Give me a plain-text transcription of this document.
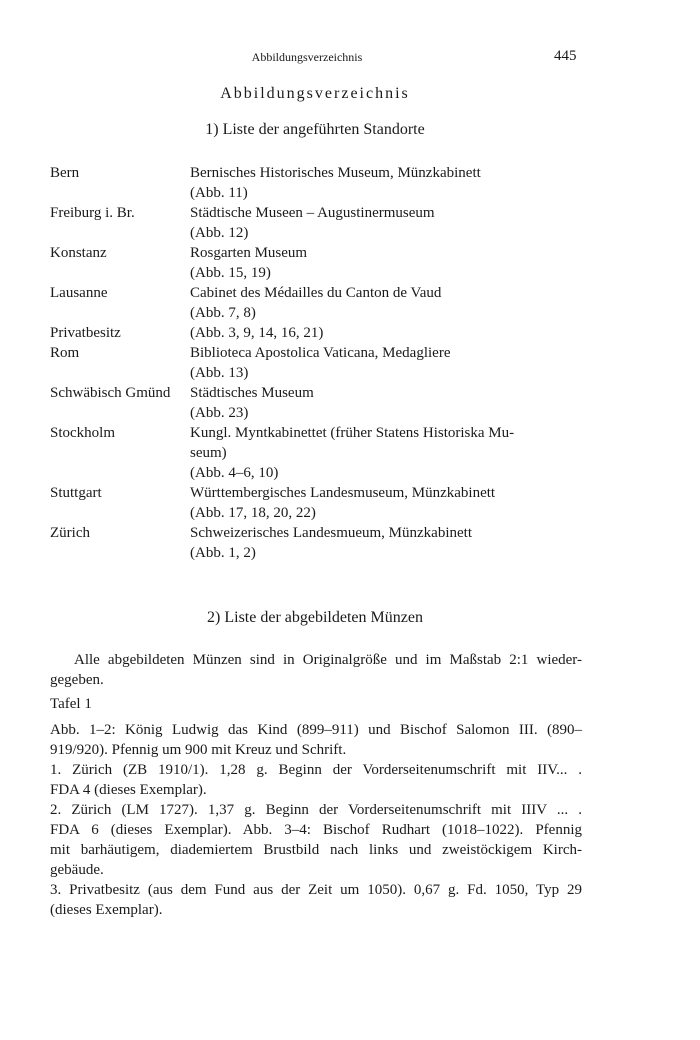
Abbildungsverzeichnis	445
Abbildungsverzeichnis
1) Liste der angeführten Standorte
Bern	Bernisches Historisches Museum, Münzkabinett
(Abb. 11)
Freiburg i. Br.	Städtische Museen – Augustinermuseum
(Abb. 12)
Konstanz	Rosgarten Museum
(Abb. 15, 19)
Lausanne	Cabinet des Médailles du Canton de Vaud
(Abb. 7, 8)
Privatbesitz	(Abb. 3, 9, 14, 16, 21)
Rom	Biblioteca Apostolica Vaticana, Medagliere
(Abb. 13)
Schwäbisch Gmünd	Städtisches Museum
(Abb. 23)
Stockholm	Kungl. Myntkabinettet (früher Statens Historiska Mu-
seum)
(Abb. 4–6, 10)
Stuttgart	Württembergisches Landesmuseum, Münzkabinett
(Abb. 17, 18, 20, 22)
Zürich	Schweizerisches Landesmueum, Münzkabinett
(Abb. 1, 2)
2) Liste der abgebildeten Münzen
Alle abgebildeten Münzen sind in Originalgröße und im Maßstab 2:1 wieder-gegeben.
Tafel 1
Abb. 1–2: König Ludwig das Kind (899–911) und Bischof Salomon III. (890–
919/920). Pfennig um 900 mit Kreuz und Schrift.
1. Zürich (ZB 1910/1). 1,28 g. Beginn der Vorderseitenumschrift mit IIV... .
FDA 4 (dieses Exemplar).
2. Zürich (LM 1727). 1,37 g. Beginn der Vorderseitenumschrift mit IIIV ... .
FDA 6 (dieses Exemplar). Abb. 3–4: Bischof Rudhart (1018–1022). Pfennig
mit barhäutigem, diademiertem Brustbild nach links und zweistöckigem Kirch-
gebäude.
3. Privatbesitz (aus dem Fund aus der Zeit um 1050). 0,67 g. Fd. 1050, Typ 29
(dieses Exemplar).
